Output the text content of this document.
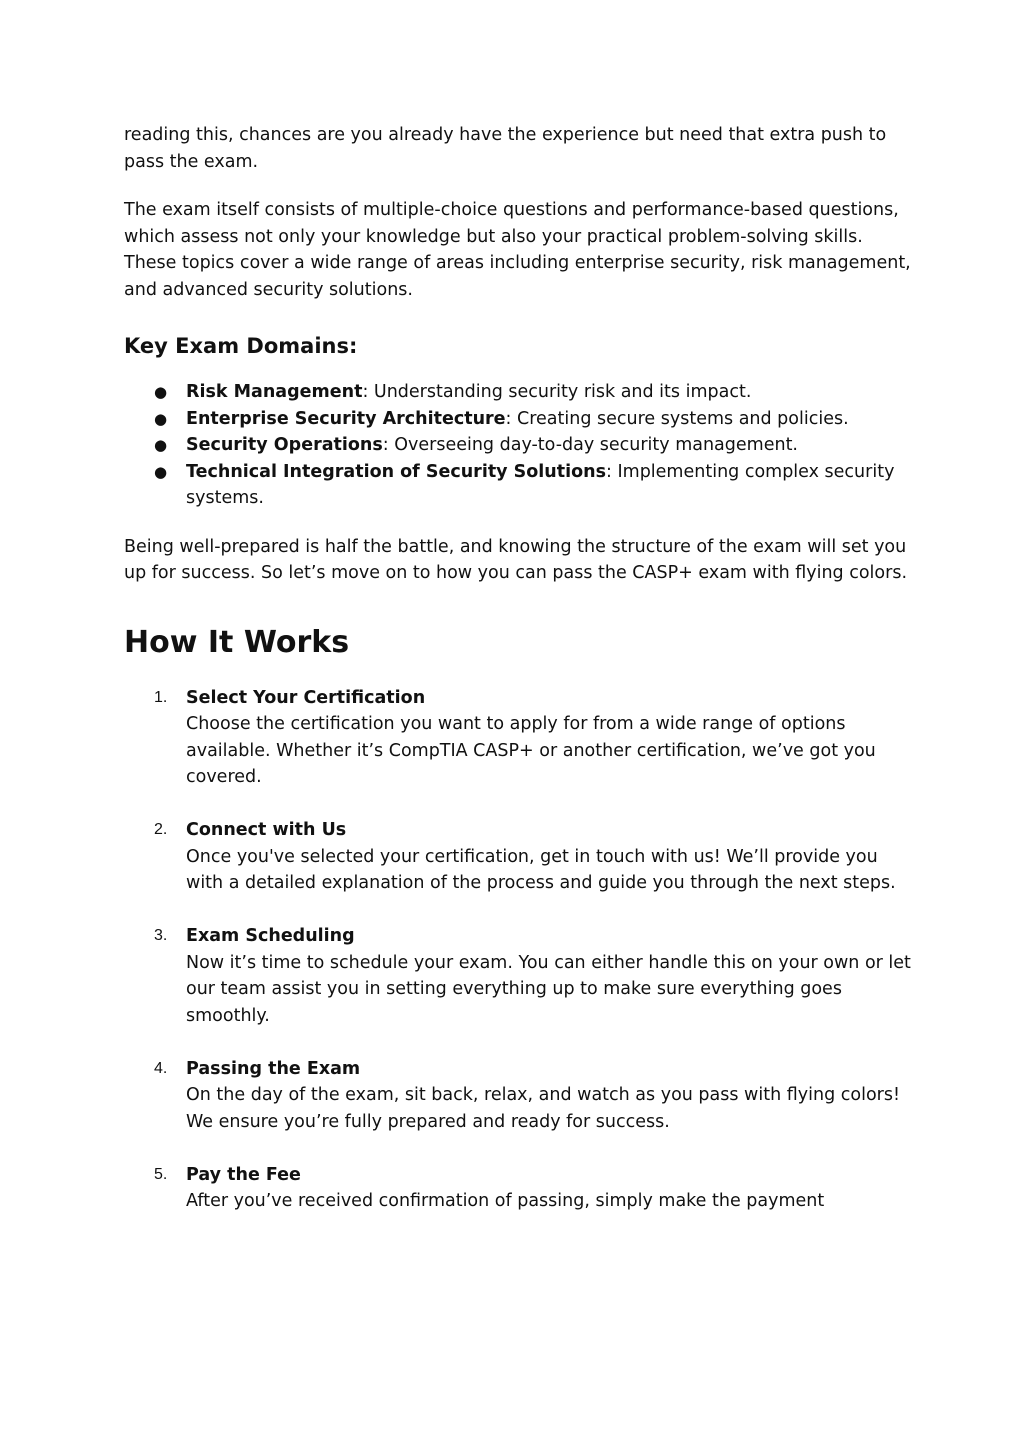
reading this, chances are you already have the experience but need that extra push to pass the exam.

The exam itself consists of multiple-choice questions and performance-based questions, which assess not only your knowledge but also your practical problem-solving skills. These topics cover a wide range of areas including enterprise security, risk management, and advanced security solutions.

Key Exam Domains:
● Risk Management: Understanding security risk and its impact.
● Enterprise Security Architecture: Creating secure systems and policies.
● Security Operations: Overseeing day-to-day security management.
● Technical Integration of Security Solutions: Implementing complex security systems.

Being well-prepared is half the battle, and knowing the structure of the exam will set you up for success. So let’s move on to how you can pass the CASP+ exam with flying colors.

How It Works
1. Select Your Certification
Choose the certification you want to apply for from a wide range of options available. Whether it’s CompTIA CASP+ or another certification, we’ve got you covered.
2. Connect with Us
Once you've selected your certification, get in touch with us! We’ll provide you with a detailed explanation of the process and guide you through the next steps.
3. Exam Scheduling
Now it’s time to schedule your exam. You can either handle this on your own or let our team assist you in setting everything up to make sure everything goes smoothly.
4. Passing the Exam
On the day of the exam, sit back, relax, and watch as you pass with flying colors! We ensure you’re fully prepared and ready for success.
5. Pay the Fee
After you’ve received confirmation of passing, simply make the payment
